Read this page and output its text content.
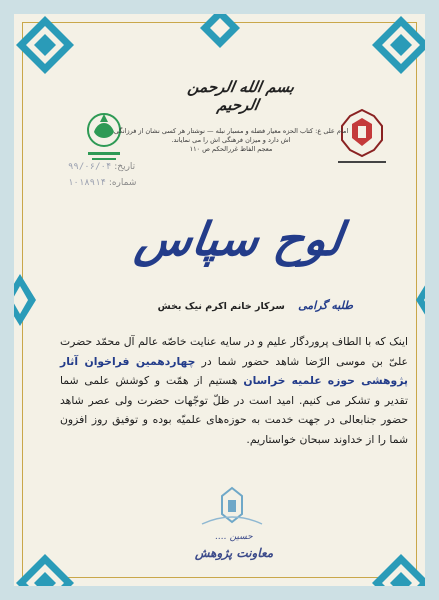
بسم الله الرحمن الرحیم
امام علی ع: کتاب الحزه معیار فضله و مسبار نبله — نوشتار هر کسی نشان از فرزانگی اش دارد و میزان فرهنگی اش را می نمایاند.
معجم الفاظ غررالحکم ص ۱۱۰
تاریخ: ۹۹/۰۶/۰۴
شماره: ۱۰۱۸۹۱۴
لوح سپاس
طلبه گرامی سرکار خانم اکرم نیک بخش
اینک که با الطاف پروردگار علیم و در سایه عنایت خاصّه عالم آل محمّد حضرت علیّ بن موسی الرّضا شاهد حضور شما در چهاردهمین فراخوان آثار پژوهشی حوزه علمیه خراسان هستیم از همّت و کوشش علمی شما تقدیر و تشکر می کنیم. امید است در ظلّ توجّهات حضرت ولی عصر شاهد حضور جنابعالی در جهت خدمت به حوزه‌های علمیّه بوده و توفیق روز افزون شما را از خداوند سبحان خواستاریم.
حسین ....
معاونت پژوهش
